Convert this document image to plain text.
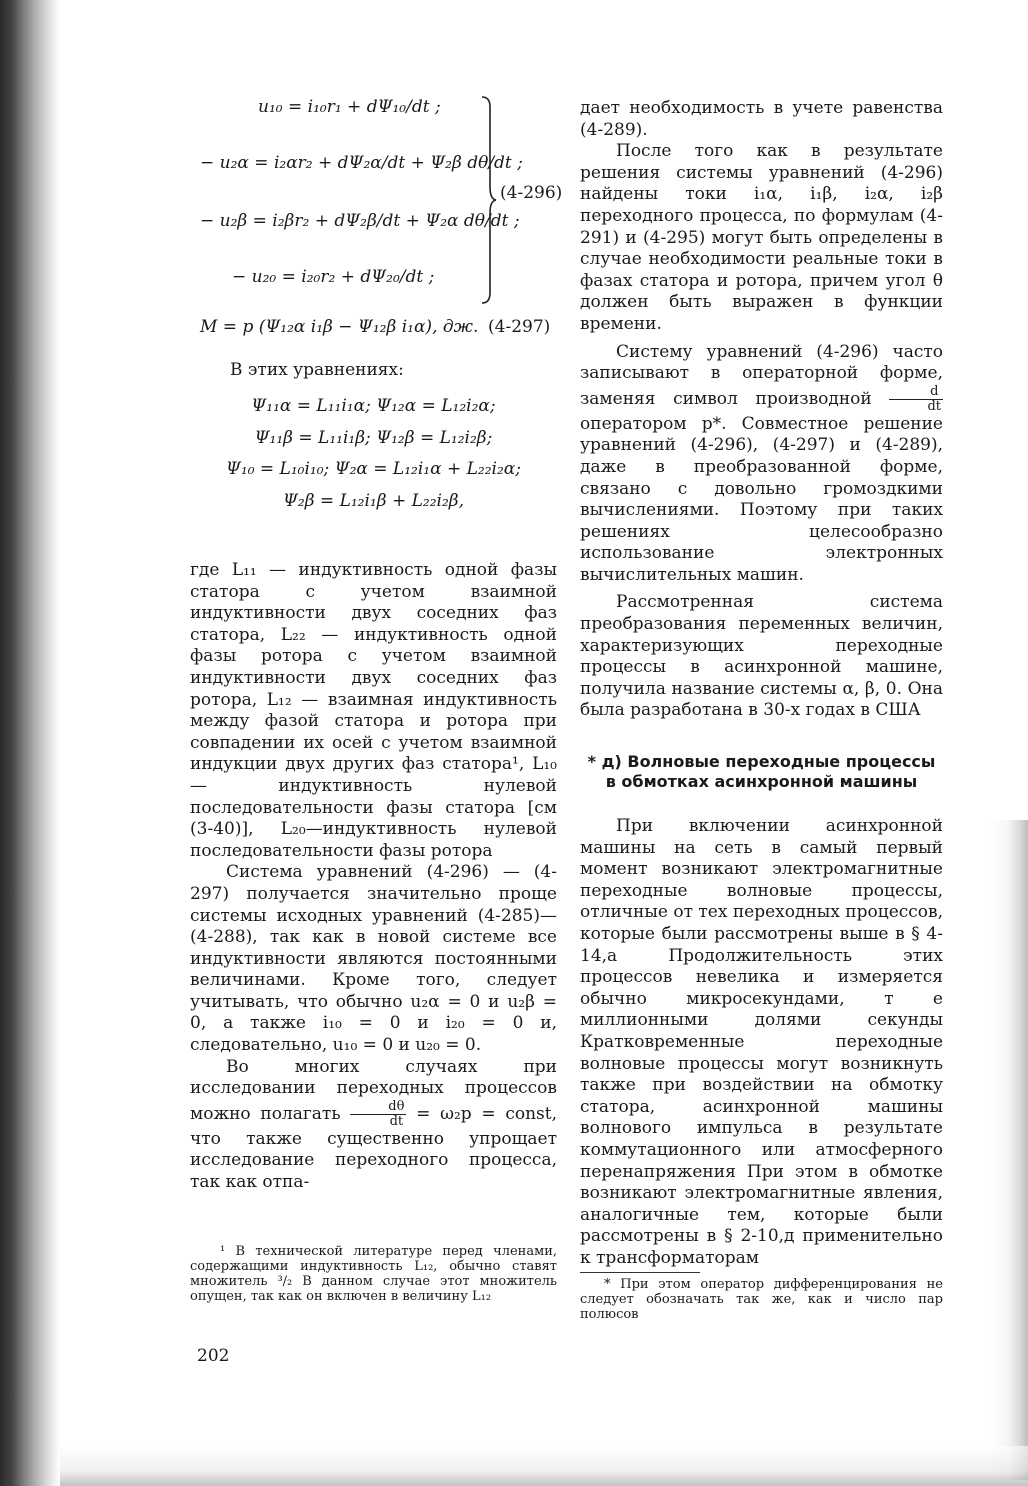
u₁₀ = i₁₀r₁ + dΨ₁₀/dt ;
− u₂α = i₂αr₂ + dΨ₂α/dt + Ψ₂β dθ/dt ;
− u₂β = i₂βr₂ + dΨ₂β/dt + Ψ₂α dθ/dt ;
− u₂₀ = i₂₀r₂ + dΨ₂₀/dt ;
(4-296)
M = p (Ψ₁₂α i₁β − Ψ₁₂β i₁α), дж. (4-297)

В этих уравнениях:

Ψ₁₁α = L₁₁i₁α; Ψ₁₂α = L₁₂i₂α;

Ψ₁₁β = L₁₁i₁β; Ψ₁₂β = L₁₂i₂β;

Ψ₁₀ = L₁₀i₁₀; Ψ₂α = L₁₂i₁α + L₂₂i₂α;

Ψ₂β = L₁₂i₁β + L₂₂i₂β,

где L₁₁ — индуктивность одной фазы статора с учетом взаимной индуктивности двух соседних фаз статора, L₂₂ — индуктивность одной фазы ротора с учетом взаимной индуктивности двух соседних фаз ротора, L₁₂ — взаимная индуктивность между фазой статора и ротора при совпадении их осей с учетом взаимной индукции двух других фаз статора¹, L₁₀ — индуктивность нулевой последовательности фазы статора [см (3-40)], L₂₀—индуктивность нулевой последовательности фазы ротора

Система уравнений (4-296) — (4-297) получается значительно проще системы исходных уравнений (4-285)—(4-288), так как в новой системе все индуктивности являются постоянными величинами. Кроме того, следует учитывать, что обычно u₂α = 0 и u₂β = 0, а также i₁₀ = 0 и i₂₀ = 0 и, следовательно, u₁₀ = 0 и u₂₀ = 0.

Во многих случаях при исследовании переходных процессов можно полагать $\frac{d\theta}{dt} = \omega_2p$ = const, что также существенно упрощает исследование переходного процесса, так как отпа-

¹ В технической литературе перед членами, содержащими индуктивность L₁₂, обычно ставят множитель ³/₂ В данном случае этот множитель опущен, так как он включен в величину L₁₂

202

дает необходимость в учете равенства (4-289).

После того как в результате решения системы уравнений (4-296) найдены токи i₁α, i₁β, i₂α, i₂β переходного процесса, по формулам (4-291) и (4-295) могут быть определены в случае необходимости реальные токи в фазах статора и ротора, причем угол θ должен быть выражен в функции времени.

Систему уравнений (4-296) часто записывают в операторной форме, заменяя символ производной $\frac{d}{dt}$
оператором p*. Совместное решение уравнений (4-296), (4-297) и (4-289), даже в преобразованной форме, связано с довольно громоздкими вычислениями. Поэтому при таких решениях целесообразно использование электронных вычислительных машин.

Рассмотренная система преобразования переменных величин, характеризующих переходные процессы в асинхронной машине, получила название системы α, β, 0. Она была разработана в 30-х годах в США

* д) Волновые переходные процессы в обмотках асинхронной машины

При включении асинхронной машины на сеть в самый первый момент возникают электромагнитные переходные волновые процессы, отличные от тех переходных процессов, которые были рассмотрены выше в § 4-14,а Продолжительность этих процессов невелика и измеряется обычно микросекундами, т е миллионными долями секунды Кратковременные переходные волновые процессы могут возникнуть также при воздействии на обмотку статора, асинхронной машины волнового импульса в результате коммутационного или атмосферного перенапряжения При этом в обмотке возникают электромагнитные явления, аналогичные тем, которые были рассмотрены в § 2-10,д применительно к трансформаторам

* При этом оператор дифференцирования не следует обозначать так же, как и число пар полюсов
